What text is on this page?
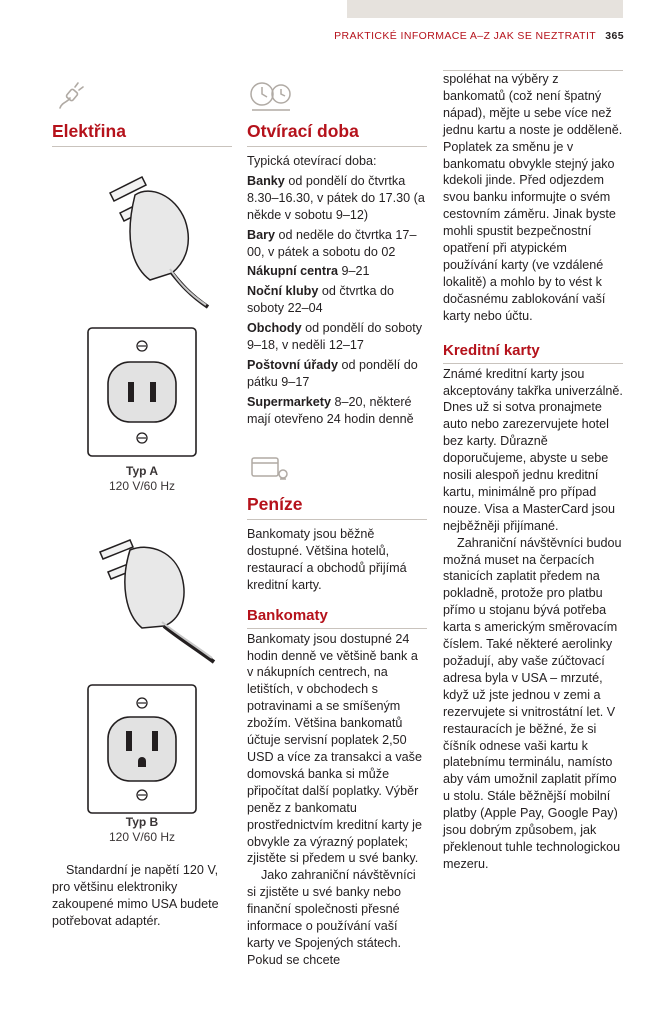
PRAKTICKÉ INFORMACE A–Z JAK SE NEZTRATIT 365
Elektřina
Typ A
120 V/60 Hz
Typ B
120 V/60 Hz

Standardní je napětí 120 V, pro většinu elektroniky zakoupené mimo USA budete potřebovat adaptér.

Otvírací doba

Typická otevírací doba:

Banky od pondělí do čtvrtka 8.30–16.30, v pátek do 17.30 (a někde v sobotu 9–12)

Bary od neděle do čtvrtka 17–00, v pátek a sobotu do 02

Nákupní centra 9–21

Noční kluby od čtvrtka do soboty 22–04

Obchody od pondělí do soboty 9–18, v neděli 12–17

Poštovní úřady od pondělí do pátku 9–17

Supermarkety 8–20, některé mají otevřeno 24 hodin denně

Peníze

Bankomaty jsou běžně dostupné. Většina hotelů, restaurací a obchodů přijímá kreditní karty.

Bankomaty

Bankomaty jsou dostupné 24 hodin denně ve většině bank a v nákupních centrech, na letištích, v obchodech s potravinami a se smíšeným zbožím. Většina bankomatů účtuje servisní poplatek 2,50 USD a více za transakci a vaše domovská banka si může připočítat další poplatky. Výběr peněz z bankomatu prostřednictvím kreditní karty je obvykle za výrazný poplatek; zjistěte si předem u své banky.

Jako zahraniční návštěvníci si zjistěte u své banky nebo finanční společnosti přesné informace o používání vaší karty ve Spojených státech. Pokud se chcete

spoléhat na výběry z bankomatů (což není špatný nápad), mějte u sebe více než jednu kartu a noste je odděleně. Poplatek za směnu je v bankomatu obvykle stejný jako kdekoli jinde. Před odjezdem svou banku informujte o svém cestovním záměru. Jinak byste mohli spustit bezpečnostní opatření při atypickém používání karty (ve vzdálené lokalitě) a mohlo by to vést k dočasnému zablokování vaší karty nebo účtu.

Kreditní karty

Známé kreditní karty jsou akceptovány takřka univerzálně. Dnes už si sotva pronajmete auto nebo zarezervujete hotel bez karty. Důrazně doporučujeme, abyste u sebe nosili alespoň jednu kreditní kartu, minimálně pro případ nouze. Visa a MasterCard jsou nejběžněji přijímané.

Zahraniční návštěvníci budou možná muset na čerpacích stanicích zaplatit předem na pokladně, protože pro platbu přímo u stojanu bývá potřeba karta s americkým směrovacím číslem. Také některé aerolinky požadují, aby vaše zúčtovací adresa byla v USA – mrzuté, když už jste jednou v zemi a rezervujete si vnitrostátní let. V restauracích je běžné, že si číšník odnese vaši kartu k platebnímu terminálu, namísto aby vám umožnil zaplatit přímo u stolu. Stále běžnější mobilní platby (Apple Pay, Google Pay) jsou dobrým způsobem, jak překlenout tuhle technologickou mezeru.
